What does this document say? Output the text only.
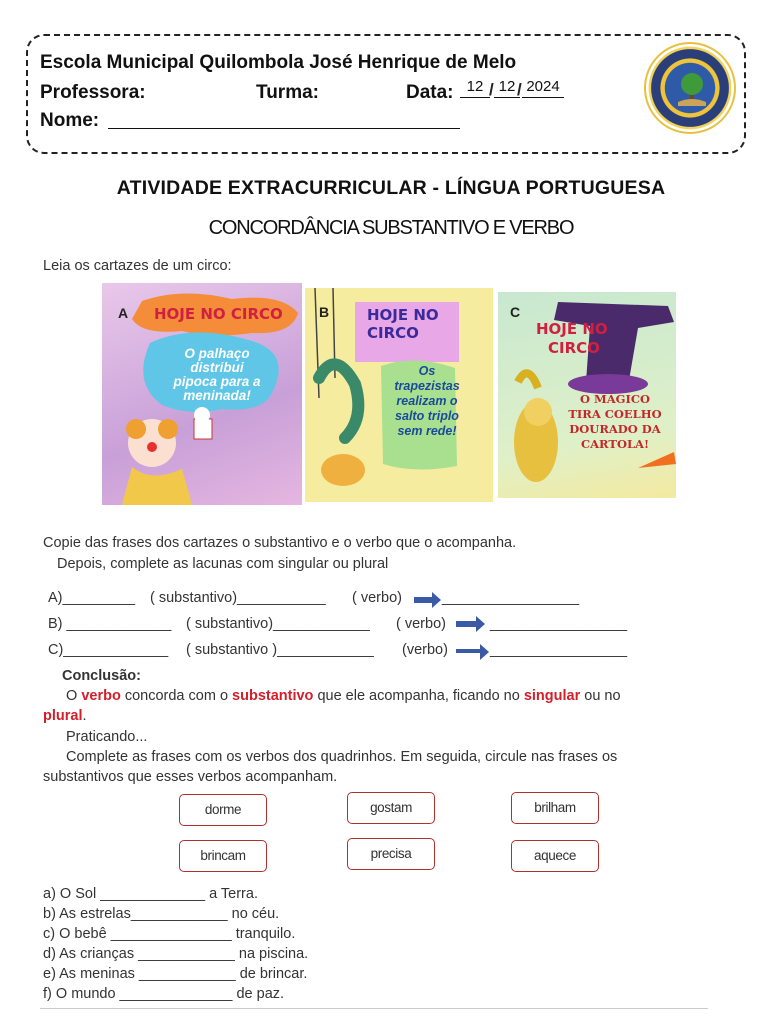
Escola Municipal Quilombola José Henrique de Melo
Professora:	Turma:	Data: 12 / 12 / 2024
Nome:
ATIVIDADE EXTRACURRICULAR - LÍNGUA PORTUGUESA
CONCORDÂNCIA SUBSTANTIVO E VERBO
Leia os cartazes de um circo:
A HOJE NO CIRCO
O palhaço
distribui
pipoca para a
meninada!
B	HOJE NO
CIRCO
Os
trapezistas
realizam o
salto triplo
sem rede!
C
HOJE NO
CIRCO
O MÁGICO
TIRA COELHO
DOURADO DA
CARTOLA!
Copie das frases dos cartazes o substantivo e o verbo que o acompanha.
Depois, complete as lacunas com singular ou plural
A)_________ ( substantivo)___________ ( verbo)	_________________
B) _____________ ( substantivo)____________ ( verbo)	_________________
C)_____________ ( substantivo )____________ (verbo)	_________________
Conclusão:
O verbo concorda com o substantivo que ele acompanha, ficando no singular ou no
plural.
Praticando...
Complete as frases com os verbos dos quadrinhos. Em seguida, circule nas frases os
substantivos que esses verbos acompanham.
dorme	gostam	brilham
brincam	precisa	aquece
a) O Sol _____________ a Terra.
b) As estrelas____________ no céu.
c) O bebê _______________ tranquilo.
d) As crianças ____________ na piscina.
e) As meninas ____________ de brincar.
f) O mundo ______________ de paz.
